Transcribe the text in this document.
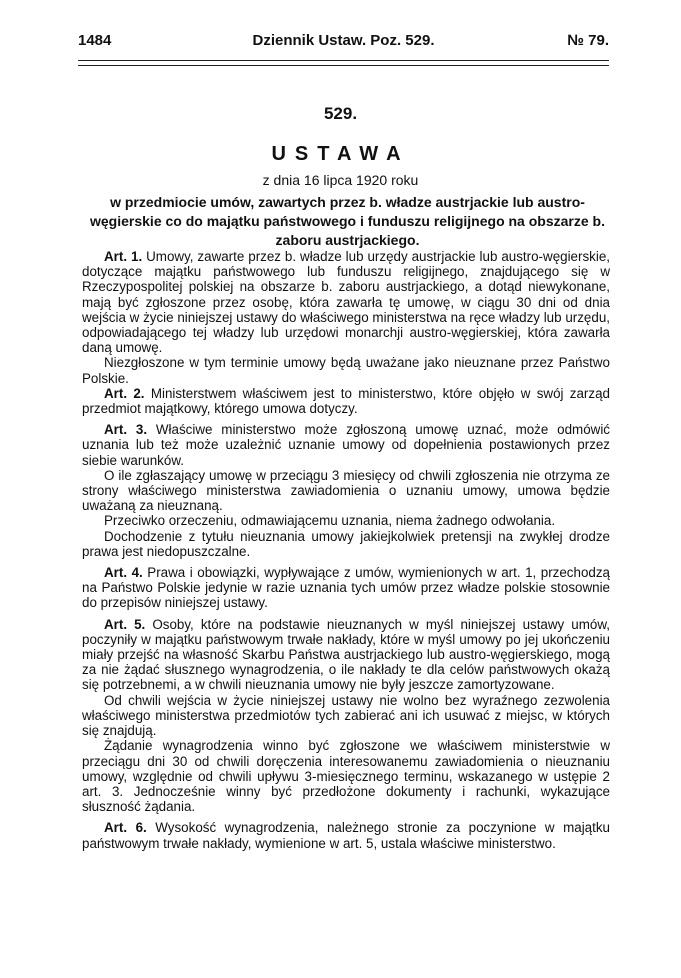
1484	Dziennik Ustaw. Poz. 529.	№ 79.
529.
USTAWA
z dnia 16 lipca 1920 roku
w przedmiocie umów, zawartych przez b. władze austrjackie lub austro-węgierskie co do majątku państwowego i funduszu religijnego na obszarze b. zaboru austrjackiego.

Art. 1. Umowy, zawarte przez b. władze lub urzędy austrjackie lub austro-węgierskie, dotyczące majątku państwowego lub funduszu religijnego, znajdującego się w Rzeczypospolitej polskiej na obszarze b. zaboru austrjackiego, a dotąd niewykonane, mają być zgłoszone przez osobę, która zawarła tę umowę, w ciągu 30 dni od dnia wejścia w życie niniejszej ustawy do właściwego ministerstwa na ręce władzy lub urzędu, odpowiadającego tej władzy lub urzędowi monarchji austro-węgierskiej, która zawarła daną umowę.

Niezgłoszone w tym terminie umowy będą uważane jako nieuznane przez Państwo Polskie.

Art. 2. Ministerstwem właściwem jest to ministerstwo, które objęło w swój zarząd przedmiot majątkowy, którego umowa dotyczy.

Art. 3. Właściwe ministerstwo może zgłoszoną umowę uznać, może odmówić uznania lub też może uzależnić uznanie umowy od dopełnienia postawionych przez siebie warunków.

O ile zgłaszający umowę w przeciągu 3 miesięcy od chwili zgłoszenia nie otrzyma ze strony właściwego ministerstwa zawiadomienia o uznaniu umowy, umowa będzie uważaną za nieuznaną.

Przeciwko orzeczeniu, odmawiającemu uznania, niema żadnego odwołania.

Dochodzenie z tytułu nieuznania umowy jakiejkolwiek pretensji na zwykłej drodze prawa jest niedopuszczalne.

Art. 4. Prawa i obowiązki, wypływające z umów, wymienionych w art. 1, przechodzą na Państwo Polskie jedynie w razie uznania tych umów przez władze polskie stosownie do przepisów niniejszej ustawy.

Art. 5. Osoby, które na podstawie nieuznanych w myśl niniejszej ustawy umów, poczyniły w majątku państwowym trwałe nakłady, które w myśl umowy po jej ukończeniu miały przejść na własność Skarbu Państwa austrjackiego lub austro-węgierskiego, mogą za nie żądać słusznego wynagrodzenia, o ile nakłady te dla celów państwowych okażą się potrzebnemi, a w chwili nieuznania umowy nie były jeszcze zamortyzowane.

Od chwili wejścia w życie niniejszej ustawy nie wolno bez wyraźnego zezwolenia właściwego ministerstwa przedmiotów tych zabierać ani ich usuwać z miejsc, w których się znajdują.

Żądanie wynagrodzenia winno być zgłoszone we właściwem ministerstwie w przeciągu dni 30 od chwili doręczenia interesowanemu zawiadomienia o nieuznaniu umowy, względnie od chwili upływu 3-miesięcznego terminu, wskazanego w ustępie 2 art. 3. Jednocześnie winny być przedłożone dokumenty i rachunki, wykazujące słuszność żądania.

Art. 6. Wysokość wynagrodzenia, należnego stronie za poczynione w majątku państwowym trwałe nakłady, wymienione w art. 5, ustala właściwe ministerstwo.
